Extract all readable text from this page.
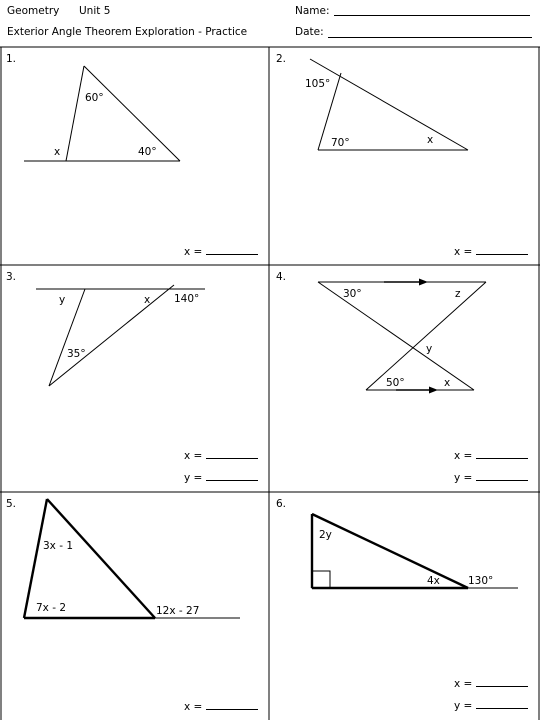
Geometry Unit 5
Exterior Angle Theorem Exploration - Practice
Name:
Date:
60°
x	40°
105°
70°	x
y	x 140°
35°
30°	z
y
50°	x
3x - 1
7x - 2	12x - 27
2y
4x	130°
1.	2.
3.	4.
5.	6.
x =	x =
x =
y =
x =
y =
x =
x =
y =
